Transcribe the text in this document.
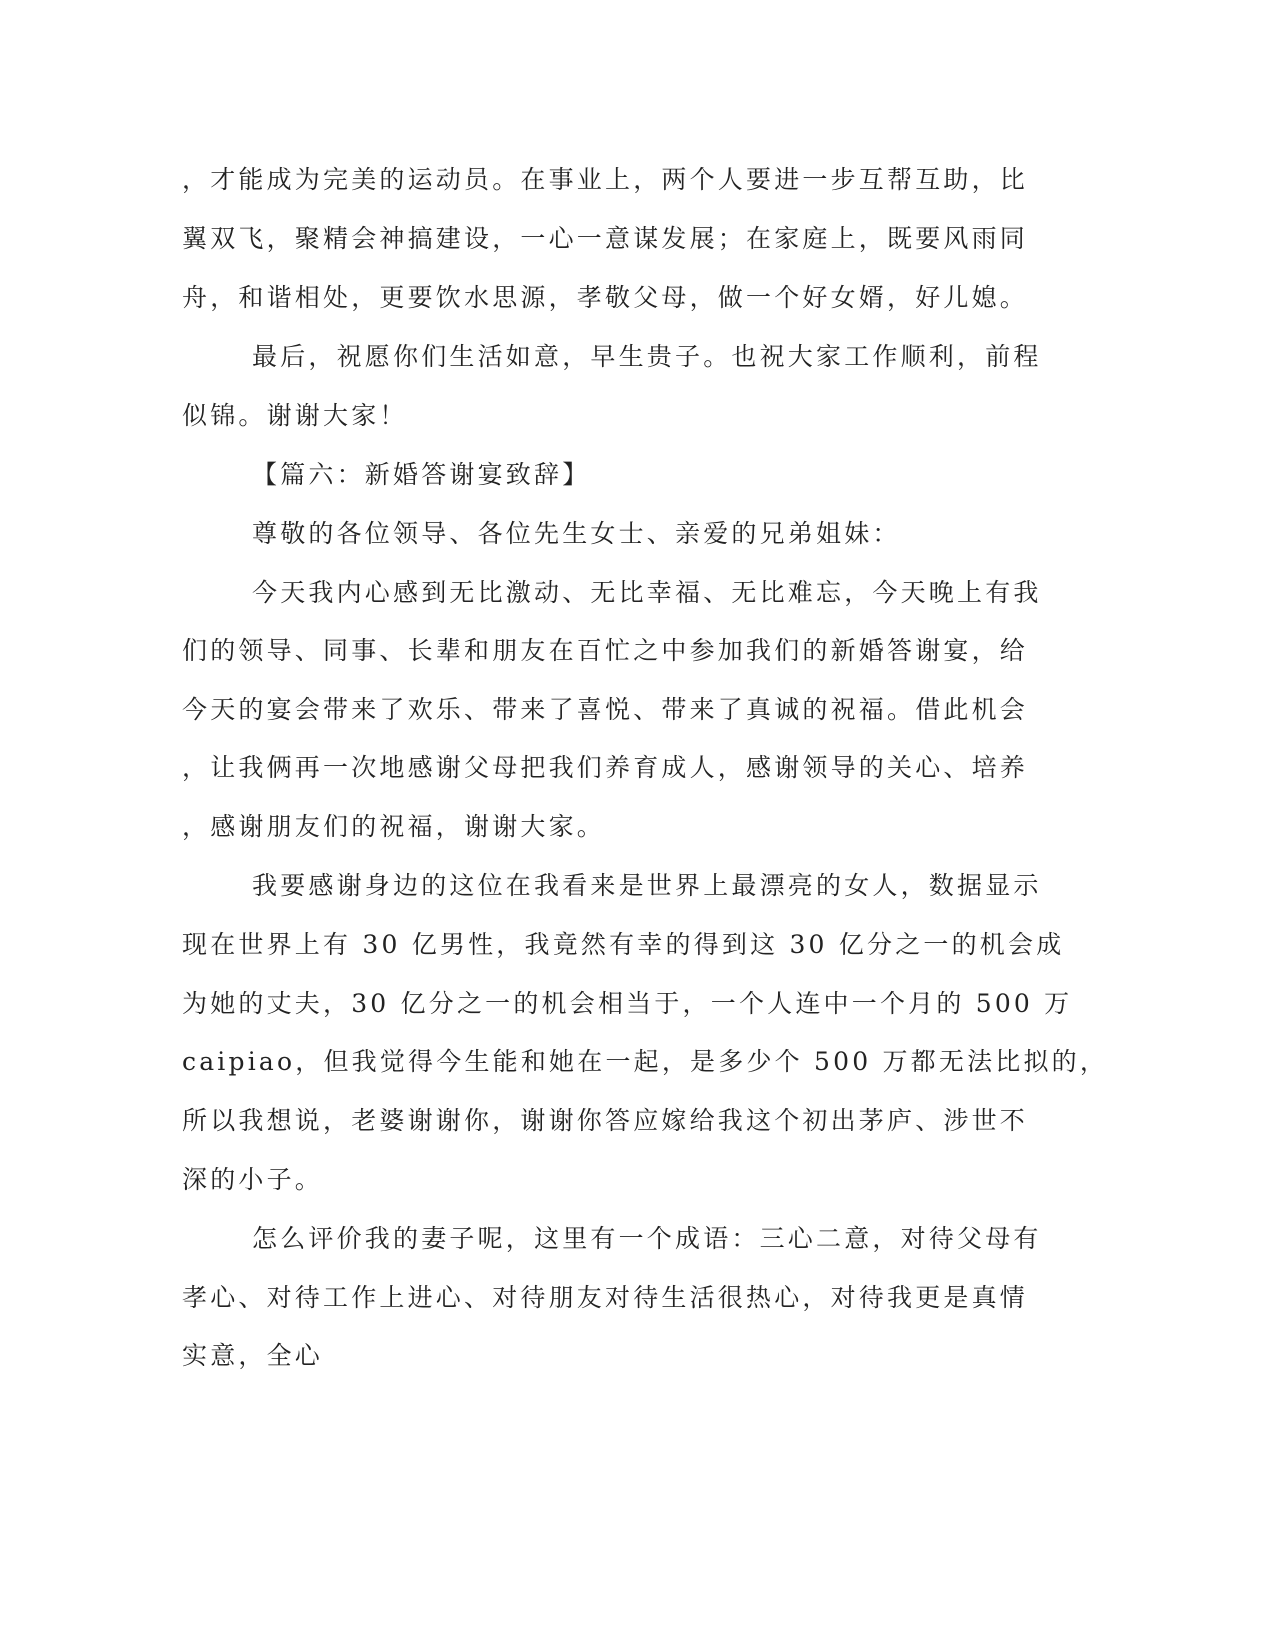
，才能成为完美的运动员。在事业上，两个人要进一步互帮互助，比

翼双飞，聚精会神搞建设，一心一意谋发展；在家庭上，既要风雨同

舟，和谐相处，更要饮水思源，孝敬父母，做一个好女婿，好儿媳。

最后，祝愿你们生活如意，早生贵子。也祝大家工作顺利，前程

似锦。谢谢大家！

【篇六：新婚答谢宴致辞】

尊敬的各位领导、各位先生女士、亲爱的兄弟姐妹：

今天我内心感到无比激动、无比幸福、无比难忘，今天晚上有我

们的领导、同事、长辈和朋友在百忙之中参加我们的新婚答谢宴，给

今天的宴会带来了欢乐、带来了喜悦、带来了真诚的祝福。借此机会

，让我俩再一次地感谢父母把我们养育成人，感谢领导的关心、培养

，感谢朋友们的祝福，谢谢大家。

我要感谢身边的这位在我看来是世界上最漂亮的女人，数据显示

现在世界上有 30 亿男性，我竟然有幸的得到这 30 亿分之一的机会成

为她的丈夫，30 亿分之一的机会相当于，一个人连中一个月的 500 万

caipiao，但我觉得今生能和她在一起，是多少个 500 万都无法比拟的，

所以我想说，老婆谢谢你，谢谢你答应嫁给我这个初出茅庐、涉世不

深的小子。

怎么评价我的妻子呢，这里有一个成语：三心二意，对待父母有

孝心、对待工作上进心、对待朋友对待生活很热心，对待我更是真情

实意，全心
